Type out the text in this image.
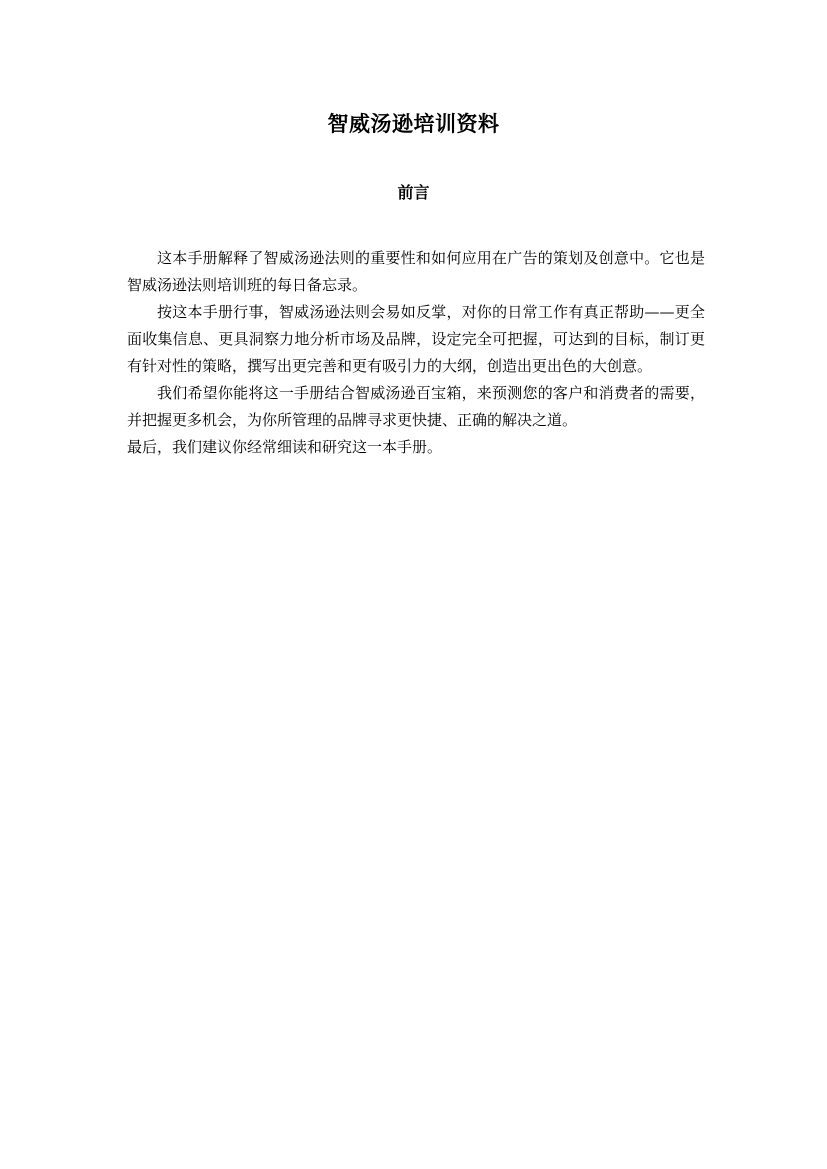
智威汤逊培训资料
前言

这本手册解释了智威汤逊法则的重要性和如何应用在广告的策划及创意中。它也是智威汤逊法则培训班的每日备忘录。

按这本手册行事，智威汤逊法则会易如反掌，对你的日常工作有真正帮助——更全面收集信息、更具洞察力地分析市场及品牌，设定完全可把握，可达到的目标，制订更有针对性的策略，撰写出更完善和更有吸引力的大纲，创造出更出色的大创意。

我们希望你能将这一手册结合智威汤逊百宝箱，来预测您的客户和消费者的需要，并把握更多机会，为你所管理的品牌寻求更快捷、正确的解决之道。

最后，我们建议你经常细读和研究这一本手册。
